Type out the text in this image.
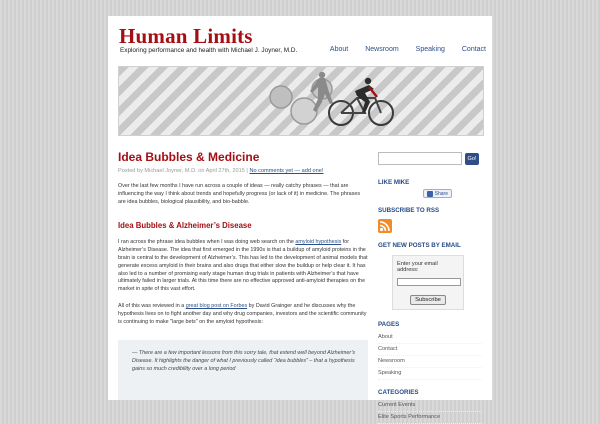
Human Limits
Exploring performance and health with Michael J. Joyner, M.D.	About Newsroom Speaking Contact
Idea Bubbles & Medicine
Posted by Michael Joyner, M.D. on April 27th, 2015 | No comments yet — add one!
Over the last few months I have run across a couple of ideas — really catchy phrases — that are influencing the way I think about trends and hopefully progress (or lack of it) in medicine. The phrases are idea bubbles, biological plausibility, and bio-babble.
Idea Bubbles & Alzheimer’s Disease
I ran across the phrase idea bubbles when I was doing web search on the amyloid hypothesis for Alzheimer’s Disease. The idea that first emerged in the 1990s is that a buildup of amyloid proteins in the brain is central to the development of Alzheimer’s. This has led to the development of animal models that generate excess amyloid in their brains and also drugs that either slow the buildup or help clear it. It has also led to a number of promising early stage human drug trials in patients with Alzheimer’s that have ultimately failed in larger trials. At this time there are no effective approved anti-amyloid therapies on the market in spite of this vast effort.
All of this was reviewed in a great blog post on Forbes by David Grainger and he discusses why the hypothesis lives on to fight another day and why drug companies, investors and the scientific community is continuing to make "large bets" on the amyloid hypothesis:
— There are a few important lessons from this sorry tale, that extend well beyond Alzheimer’s Disease. It highlights the danger of what I previously called “idea bubbles” – that a hypothesis gains so much credibility over a long period
Go!
LIKE MIKE
Share
SUBSCRIBE TO RSS
GET NEW POSTS BY EMAIL
Enter your email address:
Subscribe
PAGES
About
Contact
Newsroom
Speaking
CATEGORIES
Current Events
Elite Sports Performance
